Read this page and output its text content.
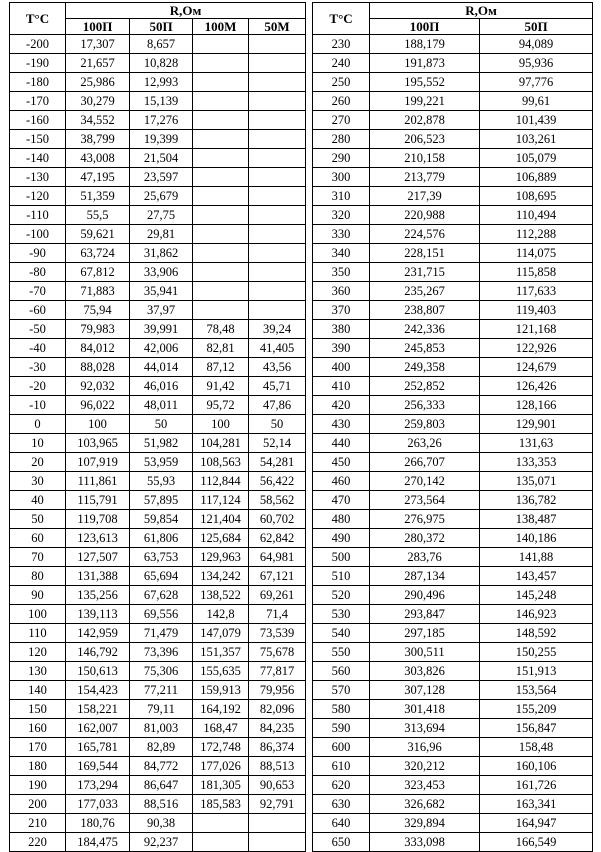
T°C	R,Ом					T°C	R,Ом	
	100П	50П	100М	50М			100П	50П
-200	17,307	8,657				230	188,179	94,089
-190	21,657	10,828				240	191,873	95,936
-180	25,986	12,993				250	195,552	97,776
-170	30,279	15,139				260	199,221	99,61
-160	34,552	17,276				270	202,878	101,439
-150	38,799	19,399				280	206,523	103,261
-140	43,008	21,504				290	210,158	105,079
-130	47,195	23,597				300	213,779	106,889
-120	51,359	25,679				310	217,39	108,695
-110	55,5	27,75				320	220,988	110,494
-100	59,621	29,81				330	224,576	112,288
-90	63,724	31,862				340	228,151	114,075
-80	67,812	33,906				350	231,715	115,858
-70	71,883	35,941				360	235,267	117,633
-60	75,94	37,97				370	238,807	119,403
-50	79,983	39,991	78,48	39,24		380	242,336	121,168
-40	84,012	42,006	82,81	41,405		390	245,853	122,926
-30	88,028	44,014	87,12	43,56		400	249,358	124,679
-20	92,032	46,016	91,42	45,71		410	252,852	126,426
-10	96,022	48,011	95,72	47,86		420	256,333	128,166
0	100	50	100	50		430	259,803	129,901
10	103,965	51,982	104,281	52,14		440	263,26	131,63
20	107,919	53,959	108,563	54,281		450	266,707	133,353
30	111,861	55,93	112,844	56,422		460	270,142	135,071
40	115,791	57,895	117,124	58,562		470	273,564	136,782
50	119,708	59,854	121,404	60,702		480	276,975	138,487
60	123,613	61,806	125,684	62,842		490	280,372	140,186
70	127,507	63,753	129,963	64,981		500	283,76	141,88
80	131,388	65,694	134,242	67,121		510	287,134	143,457
90	135,256	67,628	138,522	69,261		520	290,496	145,248
100	139,113	69,556	142,8	71,4		530	293,847	146,923
110	142,959	71,479	147,079	73,539		540	297,185	148,592
120	146,792	73,396	151,357	75,678		550	300,511	150,255
130	150,613	75,306	155,635	77,817		560	303,826	151,913
140	154,423	77,211	159,913	79,956		570	307,128	153,564
150	158,221	79,11	164,192	82,096		580	301,418	155,209
160	162,007	81,003	168,47	84,235		590	313,694	156,847
170	165,781	82,89	172,748	86,374		600	316,96	158,48
180	169,544	84,772	177,026	88,513		610	320,212	160,106
190	173,294	86,647	181,305	90,653		620	323,453	161,726
200	177,033	88,516	185,583	92,791		630	326,682	163,341
210	180,76	90,38				640	329,894	164,947
220	184,475	92,237				650	333,098	166,549
